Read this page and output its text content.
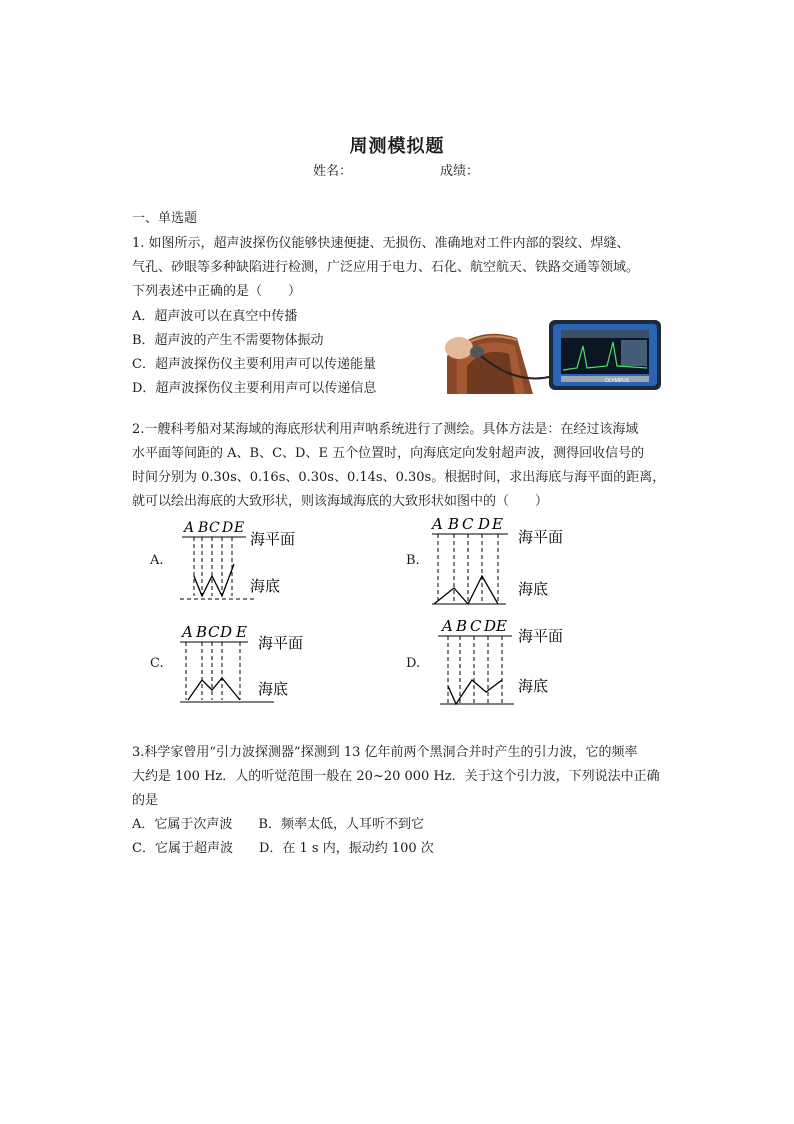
周测模拟题
姓名：	成绩：
一、单选题
1. 如图所示，超声波探伤仪能够快速便捷、无损伤、准确地对工件内部的裂纹、焊缝、
气孔、砂眼等多种缺陷进行检测，广泛应用于电力、石化、航空航天、铁路交通等领域。
下列表述中正确的是（　　）
A．超声波可以在真空中传播
B．超声波的产生不需要物体振动
C．超声波探伤仪主要利用声可以传递能量
D．超声波探伤仪主要利用声可以传递信息	OLYMPUS
2.一艘科考船对某海域的海底形状利用声呐系统进行了测绘。具体方法是：在经过该海域
水平面等间距的 A、B、C、D、E 五个位置时，向海底定向发射超声波，测得回收信号的
时间分别为 0.30s、0.16s、0.30s、0.14s、0.30s。根据时间，求出海底与海平面的距离，
就可以绘出海底的大致形状，则该海域海底的大致形状如图中的（　　）
A.	B.
C.	D.
A B C D E
海平面
海底
A B C D E
海平面
海底
A B C D E
海平面
海底
A B C D E
海平面
海底
3.科学家曾用“引力波探测器”探测到 13 亿年前两个黑洞合并时产生的引力波，它的频率
大约是 100 Hz．人的听觉范围一般在 20~20 000 Hz．关于这个引力波，下列说法中正确
的是
A．它属于次声波　　B．频率太低，人耳听不到它
C．它属于超声波　　D．在 1 s 内，振动约 100 次
